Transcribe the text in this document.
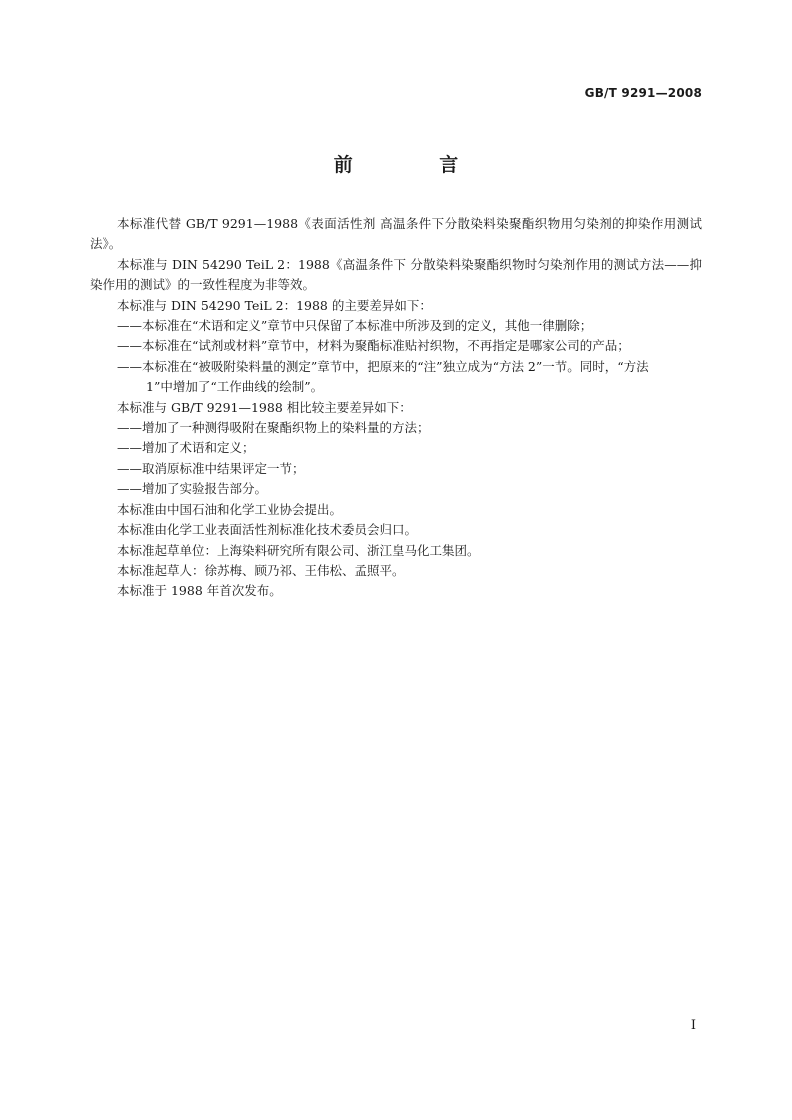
GB/T 9291—2008
前 言

本标准代替 GB/T 9291—1988《表面活性剂 高温条件下分散染料染聚酯织物用匀染剂的抑染作用测试法》。

本标准与 DIN 54290 TeiL 2：1988《高温条件下 分散染料染聚酯织物时匀染剂作用的测试方法——抑染作用的测试》的一致性程度为非等效。

本标准与 DIN 54290 TeiL 2：1988 的主要差异如下：

——本标准在“术语和定义”章节中只保留了本标准中所涉及到的定义，其他一律删除；

——本标准在“试剂或材料”章节中，材料为聚酯标准贴衬织物，不再指定是哪家公司的产品；

——本标准在“被吸附染料量的测定”章节中，把原来的“注”独立成为“方法 2”一节。同时，“方法

1”中增加了“工作曲线的绘制”。

本标准与 GB/T 9291—1988 相比较主要差异如下：

——增加了一种测得吸附在聚酯织物上的染料量的方法；

——增加了术语和定义；

——取消原标准中结果评定一节；

——增加了实验报告部分。

本标准由中国石油和化学工业协会提出。

本标准由化学工业表面活性剂标准化技术委员会归口。

本标准起草单位：上海染料研究所有限公司、浙江皇马化工集团。

本标准起草人：徐苏梅、顾乃祁、王伟松、孟照平。

本标准于 1988 年首次发布。

I
